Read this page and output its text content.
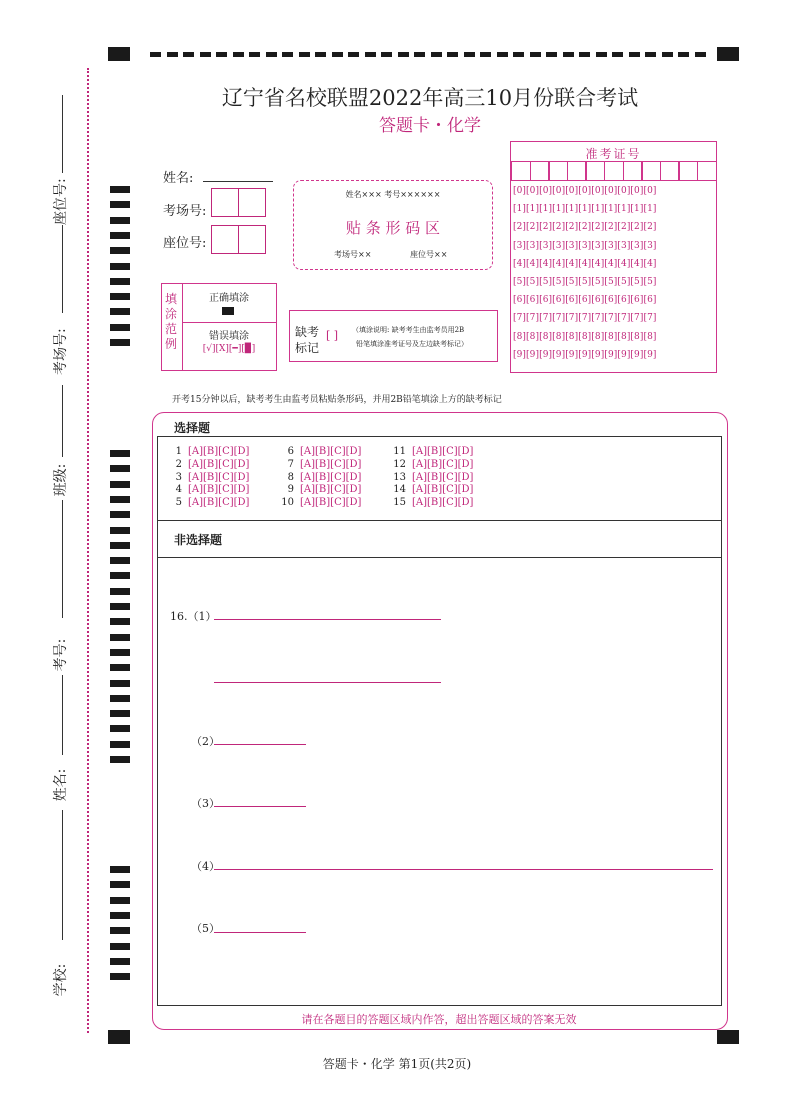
座位号:
考场号:
班级:
考号:
姓名:
学校:
辽宁省名校联盟2022年高三10月份联合考试
答题卡・化学
姓名:
考场号:
座位号:
姓名××× 考号××××××
贴 条 形 码 区
考场号××	座位号××
准考证号
[0][0][0][0][0][0][0][0][0][0][0]
[1][1][1][1][1][1][1][1][1][1][1]
[2][2][2][2][2][2][2][2][2][2][2]
[3][3][3][3][3][3][3][3][3][3][3]
[4][4][4][4][4][4][4][4][4][4][4]
[5][5][5][5][5][5][5][5][5][5][5]
[6][6][6][6][6][6][6][6][6][6][6]
[7][7][7][7][7][7][7][7][7][7][7]
[8][8][8][8][8][8][8][8][8][8][8]
[9][9][9][9][9][9][9][9][9][9][9]
填涂范例
正确填涂
错误填涂
[√][X][━][▉]
缺考标记
[ ] （填涂说明: 缺考考生由监考员用2B
铅笔填涂准考证号及左边缺考标记）
开考15分钟以后，缺考考生由监考员粘贴条形码，并用2B铅笔填涂上方的缺考标记
选择题
1 [A][B][C][D]
2 [A][B][C][D]
3 [A][B][C][D]
4 [A][B][C][D]
5 [A][B][C][D]
6 [A][B][C][D]
7 [A][B][C][D]
8 [A][B][C][D]
9 [A][B][C][D]
10 [A][B][C][D]
11 [A][B][C][D]
12 [A][B][C][D]
13 [A][B][C][D]
14 [A][B][C][D]
15 [A][B][C][D]
非选择题
16.（1）
（2）
（3）
（4）
（5）
请在各题目的答题区域内作答，超出答题区域的答案无效
答题卡・化学 第1页(共2页)
